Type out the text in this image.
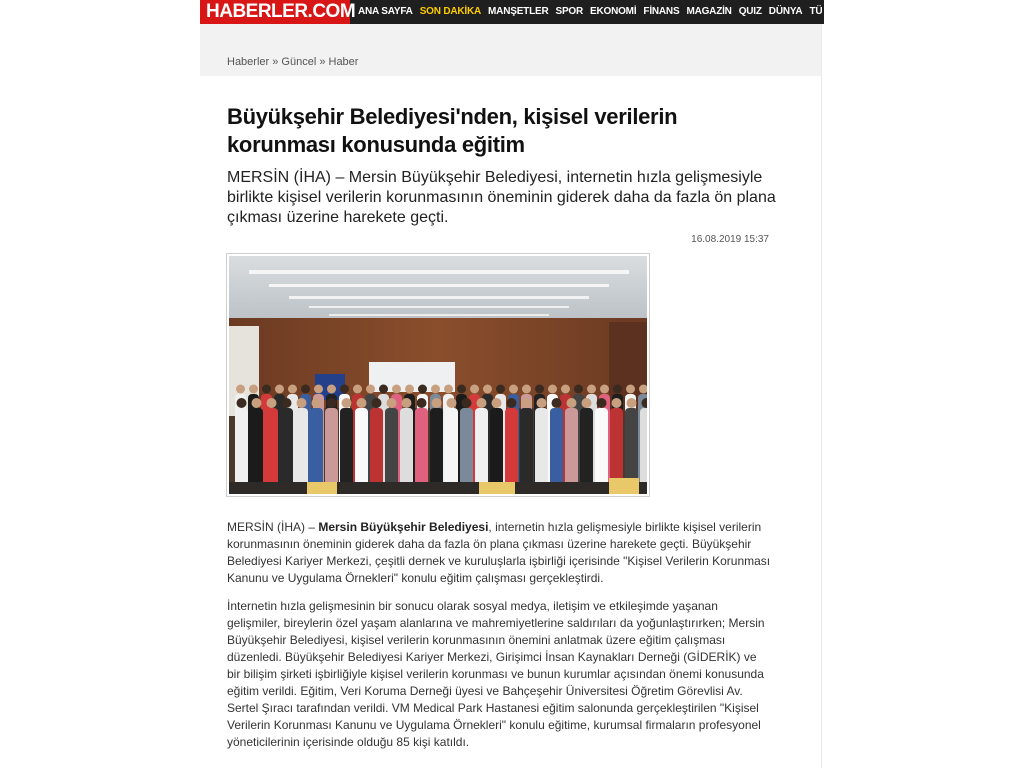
HABERLER.COM ANA SAYFA SON DAKİKA MANŞETLER SPOR EKONOMİ FİNANS MAGAZİN QUIZ DÜNYA TÜ
Haberler » Güncel » Haber
Büyükşehir Belediyesi'nden, kişisel verilerin korunması konusunda eğitim

MERSİN (İHA) – Mersin Büyükşehir Belediyesi, internetin hızla gelişmesiyle birlikte kişisel verilerin korunmasının öneminin giderek daha da fazla ön plana çıkması üzerine harekete geçti.

16.08.2019 15:37

MERSİN (İHA) – Mersin Büyükşehir Belediyesi, internetin hızla gelişmesiyle birlikte kişisel verilerin korunmasının öneminin giderek daha da fazla ön plana çıkması üzerine harekete geçti. Büyükşehir Belediyesi Kariyer Merkezi, çeşitli dernek ve kuruluşlarla işbirliği içerisinde "Kişisel Verilerin Korunması Kanunu ve Uygulama Örnekleri" konulu eğitim çalışması gerçekleştirdi.

İnternetin hızla gelişmesinin bir sonucu olarak sosyal medya, iletişim ve etkileşimde yaşanan gelişmiler, bireylerin özel yaşam alanlarına ve mahremiyetlerine saldırıları da yoğunlaştırırken; Mersin Büyükşehir Belediyesi, kişisel verilerin korunmasının önemini anlatmak üzere eğitim çalışması düzenledi. Büyükşehir Belediyesi Kariyer Merkezi, Girişimci İnsan Kaynakları Derneği (GİDERİK) ve bir bilişim şirketi işbirliğiyle kişisel verilerin korunması ve bunun kurumlar açısından önemi konusunda eğitim verildi. Eğitim, Veri Koruma Derneği üyesi ve Bahçeşehir Üniversitesi Öğretim Görevlisi Av. Sertel Şıracı tarafından verildi. VM Medical Park Hastanesi eğitim salonunda gerçekleştirilen "Kişisel Verilerin Korunması Kanunu ve Uygulama Örnekleri" konulu eğitime, kurumsal firmaların profesyonel yöneticilerinin içerisinde olduğu 85 kişi katıldı.
